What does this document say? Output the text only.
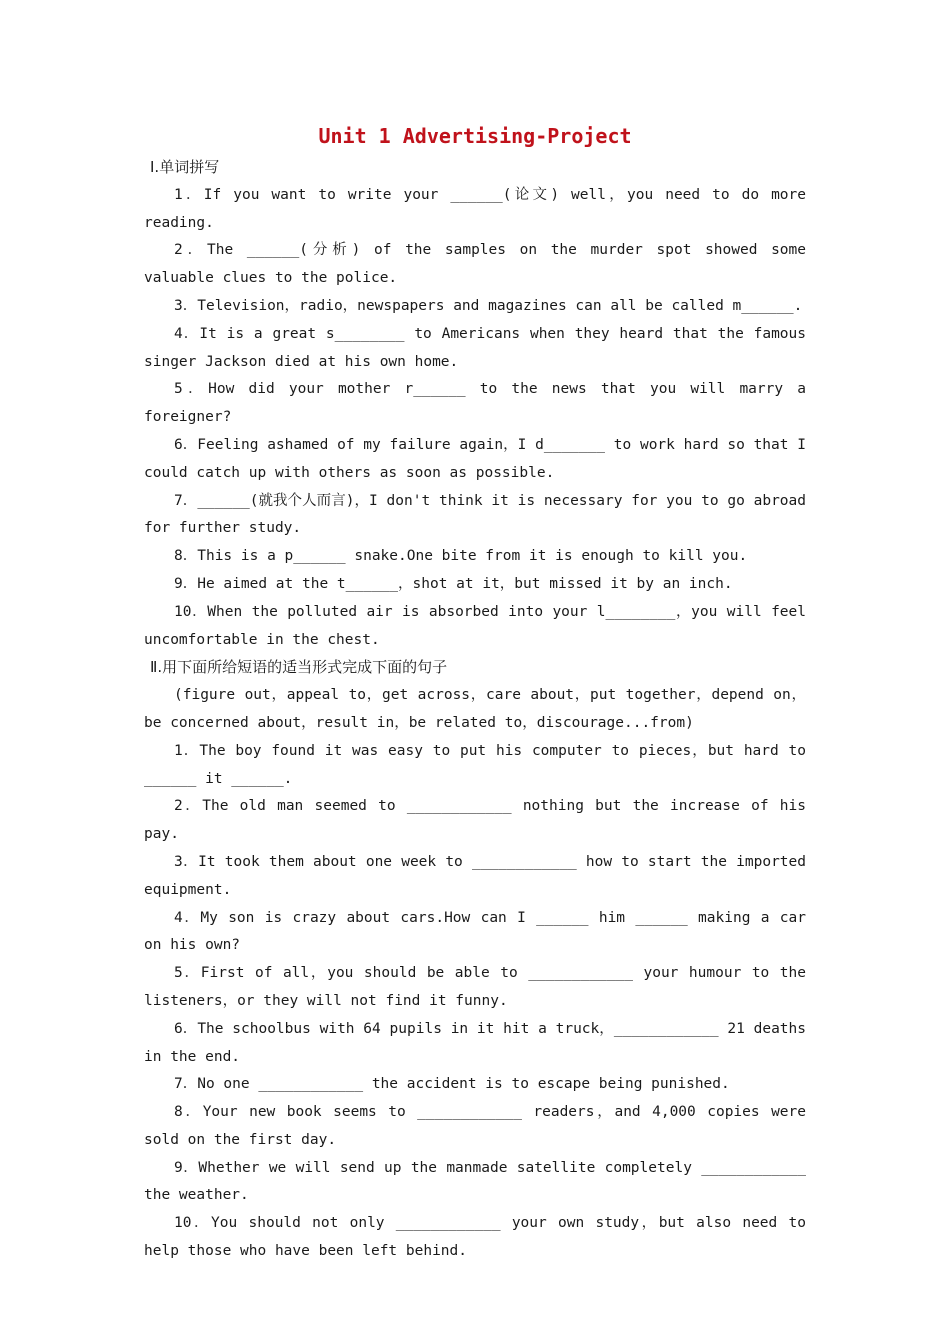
Unit 1 Advertising-Project
Ⅰ.单词拼写

1．If you want to write your ______(论文) well，you need to do more reading.

2．The ______(分析) of the samples on the murder spot showed some valuable clues to the police.

3．Television，radio，newspapers and magazines can all be called m______.

4．It is a great s________ to Americans when they heard that the famous singer Jackson died at his own home.

5．How did your mother r______ to the news that you will marry a foreigner?

6．Feeling ashamed of my failure again，I d_______ to work hard so that I could catch up with others as soon as possible.

7．______(就我个人而言)，I don't think it is necessary for you to go abroad for further study.

8．This is a p______ snake.One bite from it is enough to kill you.

9．He aimed at the t______，shot at it，but missed it by an inch.

10．When the polluted air is absorbed into your l________，you will feel uncomfortable in the chest.

Ⅱ.用下面所给短语的适当形式完成下面的句子

(figure out，appeal to，get across，care about，put together，depend on，be concerned about，result in，be related to，discourage...from)

1．The boy found it was easy to put his computer to pieces，but hard to ______ it ______.

2．The old man seemed to ____________ nothing but the increase of his pay.

3．It took them about one week to ____________ how to start the imported equipment.

4．My son is crazy about cars.How can I ______ him ______ making a car on his own?

5．First of all，you should be able to ____________ your humour to the listeners，or they will not find it funny.

6．The schoolbus with 64 pupils in it hit a truck，____________ 21 deaths in the end.

7．No one ____________ the accident is to escape being punished.

8．Your new book seems to ____________ readers，and 4,000 copies were sold on the first day.

9．Whether we will send up the manmade satellite completely ____________ the weather.

10．You should not only ____________ your own study，but also need to help those who have been left behind.
